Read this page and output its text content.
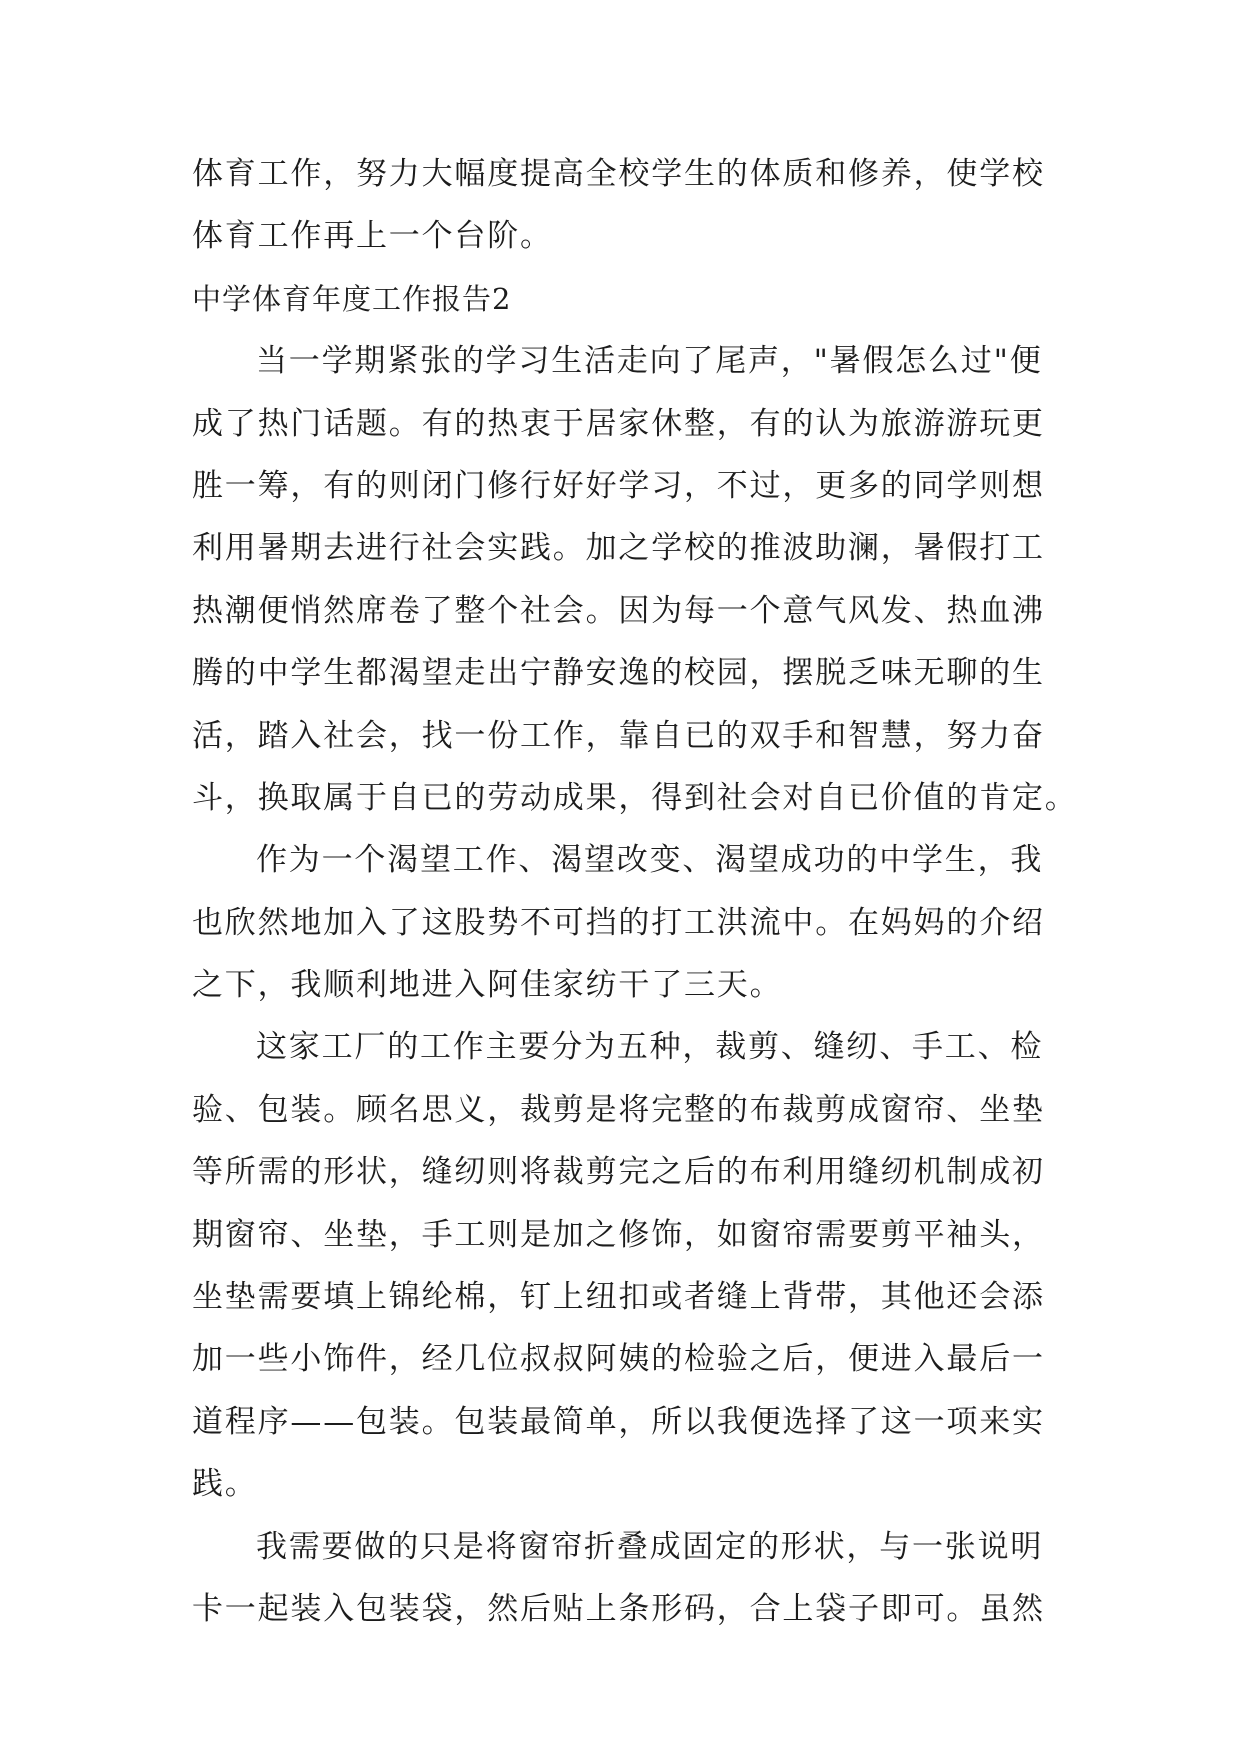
体育工作，努力大幅度提高全校学生的体质和修养，使学校
体育工作再上一个台阶。
中学体育年度工作报告2
当一学期紧张的学习生活走向了尾声，"暑假怎么过"便
成了热门话题。有的热衷于居家休整，有的认为旅游游玩更
胜一筹，有的则闭门修行好好学习，不过，更多的同学则想
利用暑期去进行社会实践。加之学校的推波助澜，暑假打工
热潮便悄然席卷了整个社会。因为每一个意气风发、热血沸
腾的中学生都渴望走出宁静安逸的校园，摆脱乏味无聊的生
活，踏入社会，找一份工作，靠自已的双手和智慧，努力奋
斗，换取属于自已的劳动成果，得到社会对自已价值的肯定。
作为一个渴望工作、渴望改变、渴望成功的中学生，我
也欣然地加入了这股势不可挡的打工洪流中。在妈妈的介绍
之下，我顺利地进入阿佳家纺干了三天。
这家工厂的工作主要分为五种，裁剪、缝纫、手工、检
验、包装。顾名思义，裁剪是将完整的布裁剪成窗帘、坐垫
等所需的形状，缝纫则将裁剪完之后的布利用缝纫机制成初
期窗帘、坐垫，手工则是加之修饰，如窗帘需要剪平袖头，
坐垫需要填上锦纶棉，钉上纽扣或者缝上背带，其他还会添
加一些小饰件，经几位叔叔阿姨的检验之后，便进入最后一
道程序——包装。包装最简单，所以我便选择了这一项来实
践。
我需要做的只是将窗帘折叠成固定的形状，与一张说明
卡一起装入包装袋，然后贴上条形码，合上袋子即可。虽然
